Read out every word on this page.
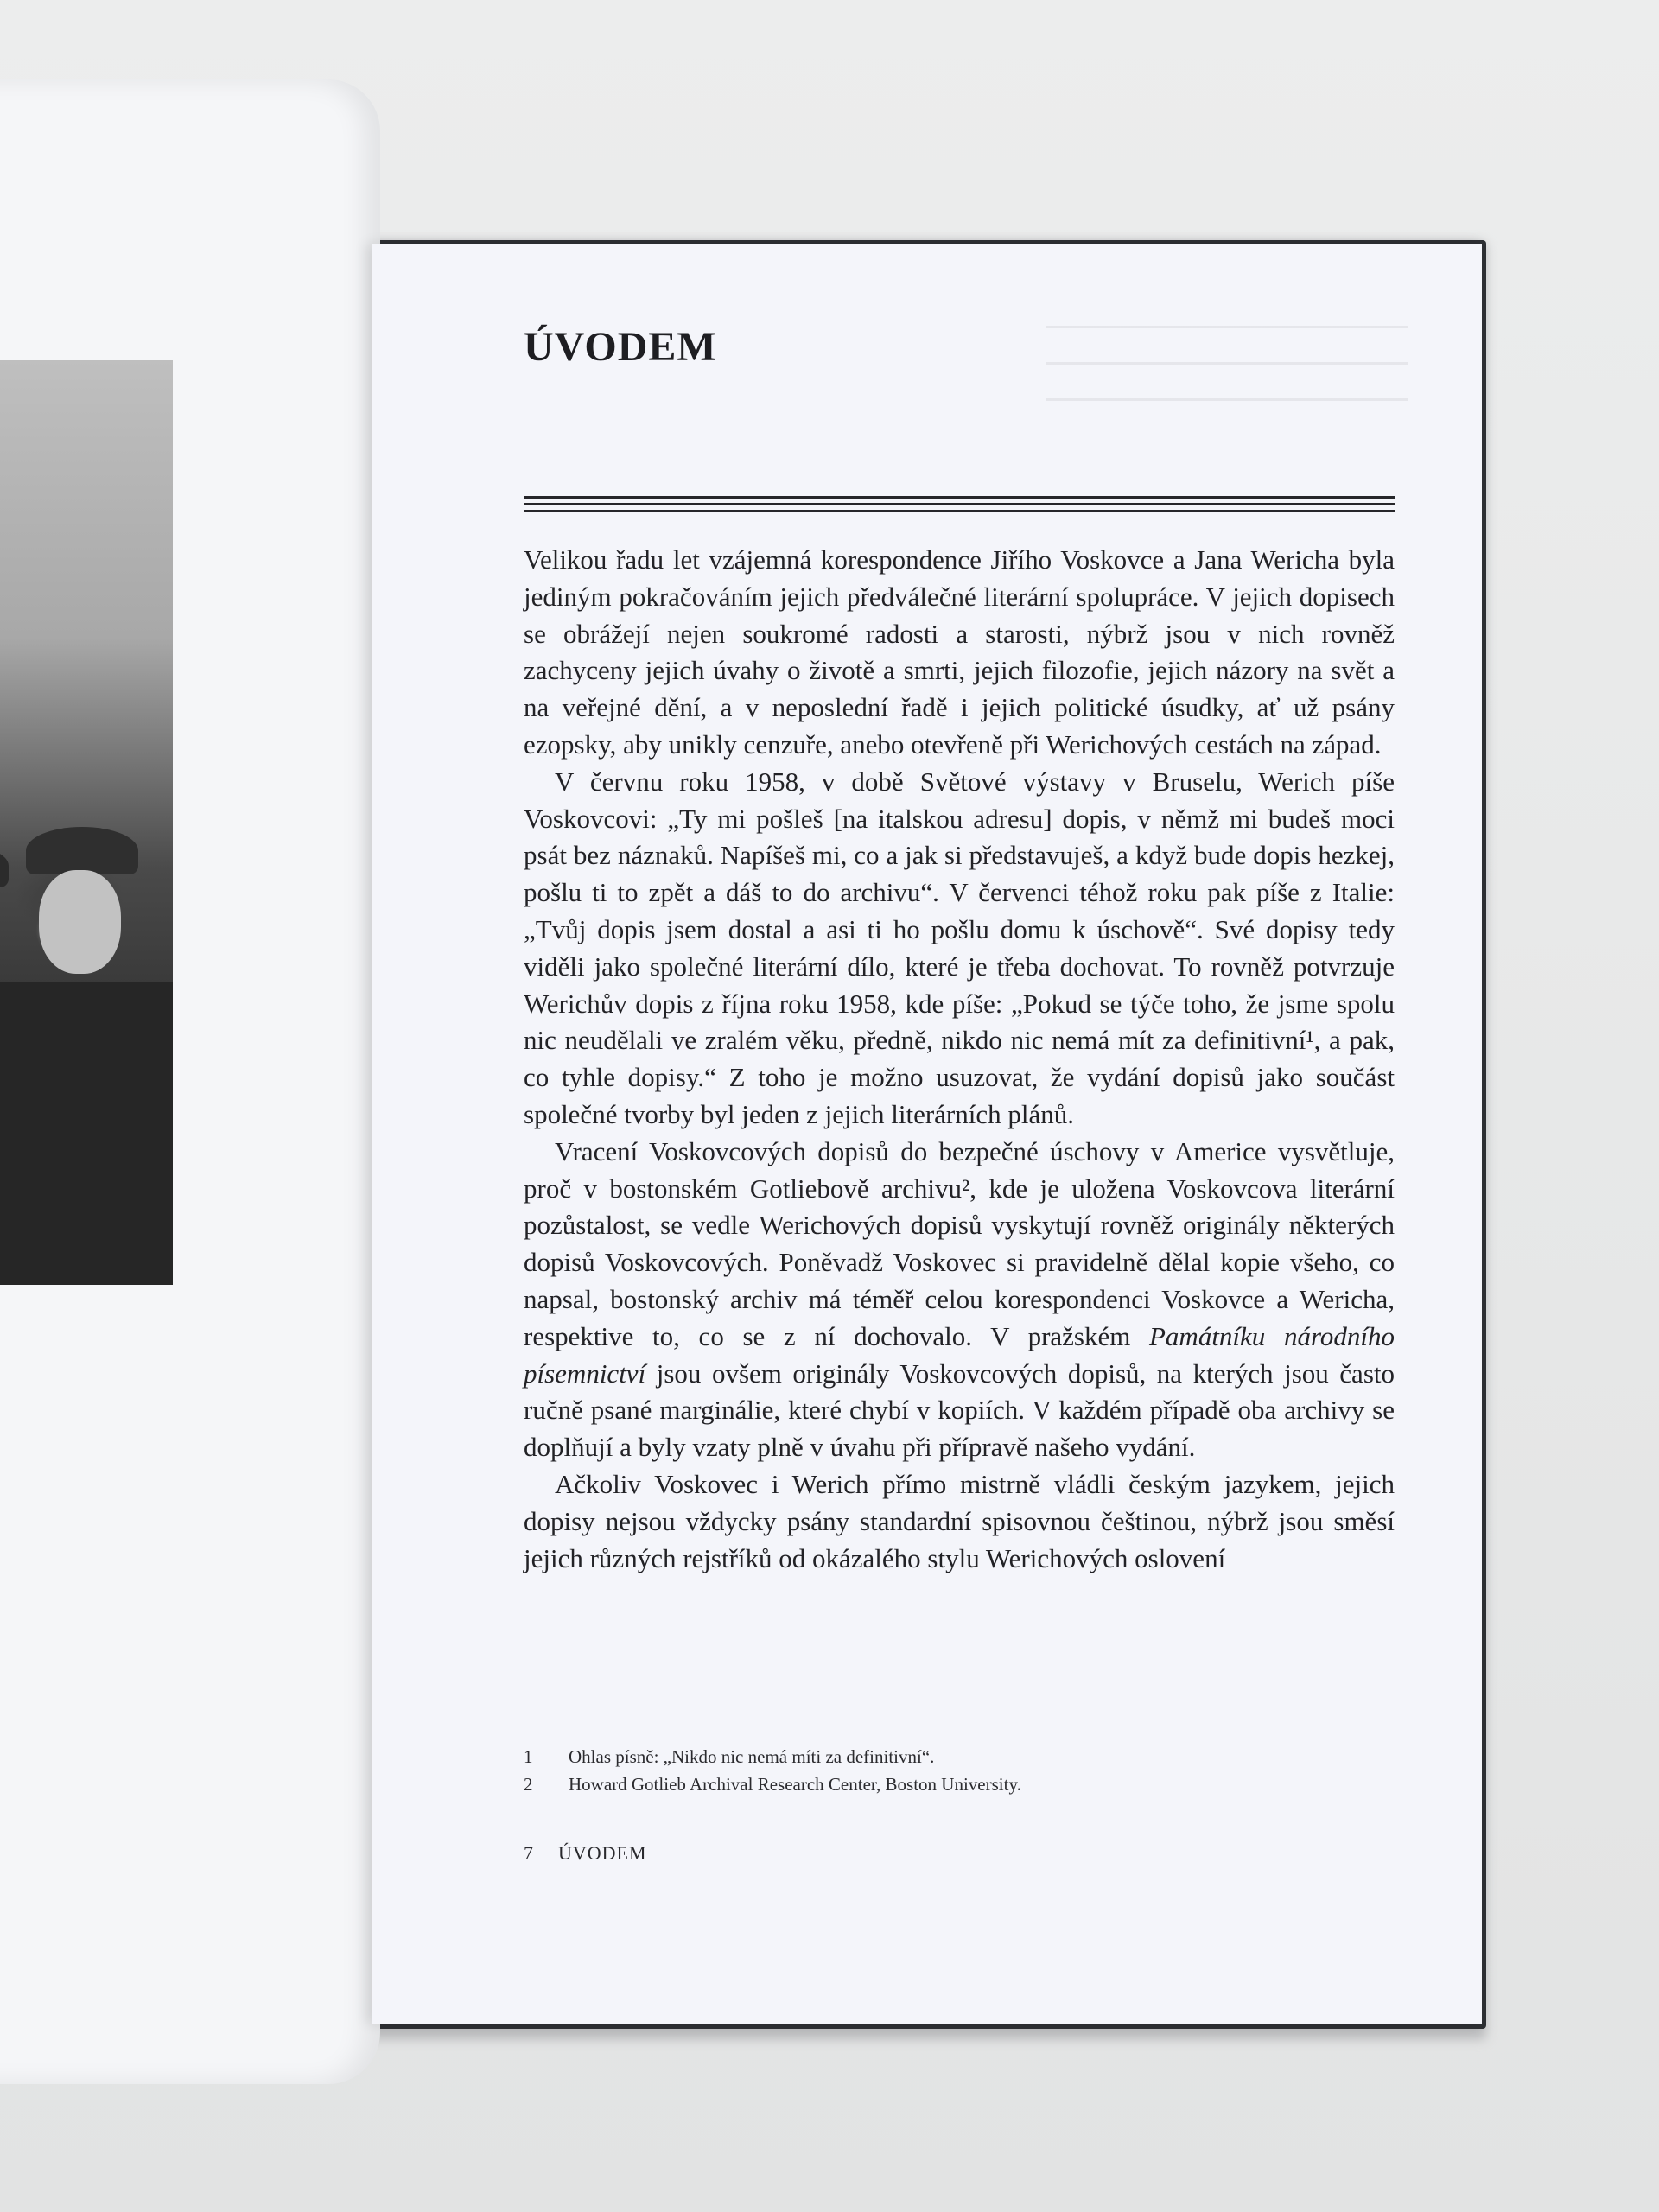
ÚVODEM

Velikou řadu let vzájemná korespondence Jiřího Voskovce a Jana Wericha byla jediným pokračováním jejich předválečné literární spolupráce. V jejich dopisech se obrážejí nejen soukromé radosti a starosti, nýbrž jsou v nich rovněž zachyceny jejich úvahy o životě a smrti, jejich filozofie, jejich názory na svět a na veřejné dění, a v neposlední řadě i jejich politické úsudky, ať už psány ezopsky, aby unikly cenzuře, anebo otevřeně při Werichových cestách na západ.

V červnu roku 1958, v době Světové výstavy v Bruselu, Werich píše Voskovcovi: „Ty mi pošleš [na italskou adresu] dopis, v němž mi budeš moci psát bez náznaků. Napíšeš mi, co a jak si představuješ, a když bude dopis hezkej, pošlu ti to zpět a dáš to do archivu“. V červenci téhož roku pak píše z Italie: „Tvůj dopis jsem dostal a asi ti ho pošlu domu k úschově“. Své dopisy tedy viděli jako společné literární dílo, které je třeba dochovat. To rovněž potvrzuje Werichův dopis z října roku 1958, kde píše: „Pokud se týče toho, že jsme spolu nic neudělali ve zralém věku, předně, nikdo nic nemá mít za definitivní¹, a pak, co tyhle dopisy.“ Z toho je možno usuzovat, že vydání dopisů jako součást společné tvorby byl jeden z jejich literárních plánů.

Vracení Voskovcových dopisů do bezpečné úschovy v Americe vysvětluje, proč v bostonském Gotliebově archivu², kde je uložena Voskovcova literární pozůstalost, se vedle Werichových dopisů vyskytují rovněž originály některých dopisů Voskovcových. Poněvadž Voskovec si pravidelně dělal kopie všeho, co napsal, bostonský archiv má téměř celou korespondenci Voskovce a Wericha, respektive to, co se z ní dochovalo. V pražském Památníku národního písemnictví jsou ovšem originály Voskovcových dopisů, na kterých jsou často ručně psané marginálie, které chybí v kopiích. V každém případě oba archivy se doplňují a byly vzaty plně v úvahu při přípravě našeho vydání.

Ačkoliv Voskovec i Werich přímo mistrně vládli českým jazykem, jejich dopisy nejsou vždycky psány standardní spisovnou češtinou, nýbrž jsou směsí jejich různých rejstříků od okázalého stylu Werichových oslovení

1	Ohlas písně: „Nikdo nic nemá míti za definitivní“.
2	Howard Gotlieb Archival Research Center, Boston University.
7 ÚVODEM
